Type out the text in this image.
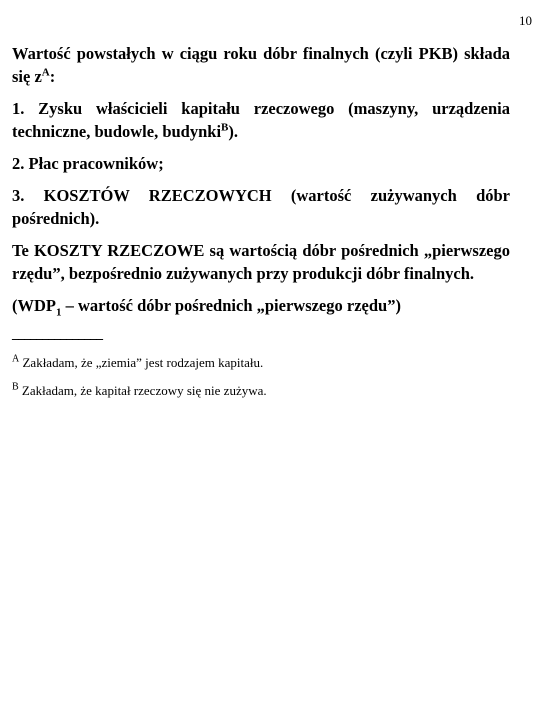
10

Wartość powstałych w ciągu roku dóbr finalnych (czyli PKB) składa się $z^A$:

1. Zysku właścicieli kapitału rzeczowego (maszyny, urządzenia techniczne, budowle, budynki$^B$).

2. Płac pracowników;

3. KOSZTÓW RZECZOWYCH (wartość zużywanych dóbr pośrednich).

Te KOSZTY RZECZOWE są wartością dóbr pośrednich „pierwszego rzędu”, bezpośrednio zużywanych przy produkcji dóbr finalnych.

($WDP_1$ – wartość dóbr pośrednich „pierwszego rzędu”)

_______________
$^A$ Zakładam, że „ziemia” jest rodzajem kapitału.
$^B$ Zakładam, że kapitał rzeczowy się nie zużywa.
